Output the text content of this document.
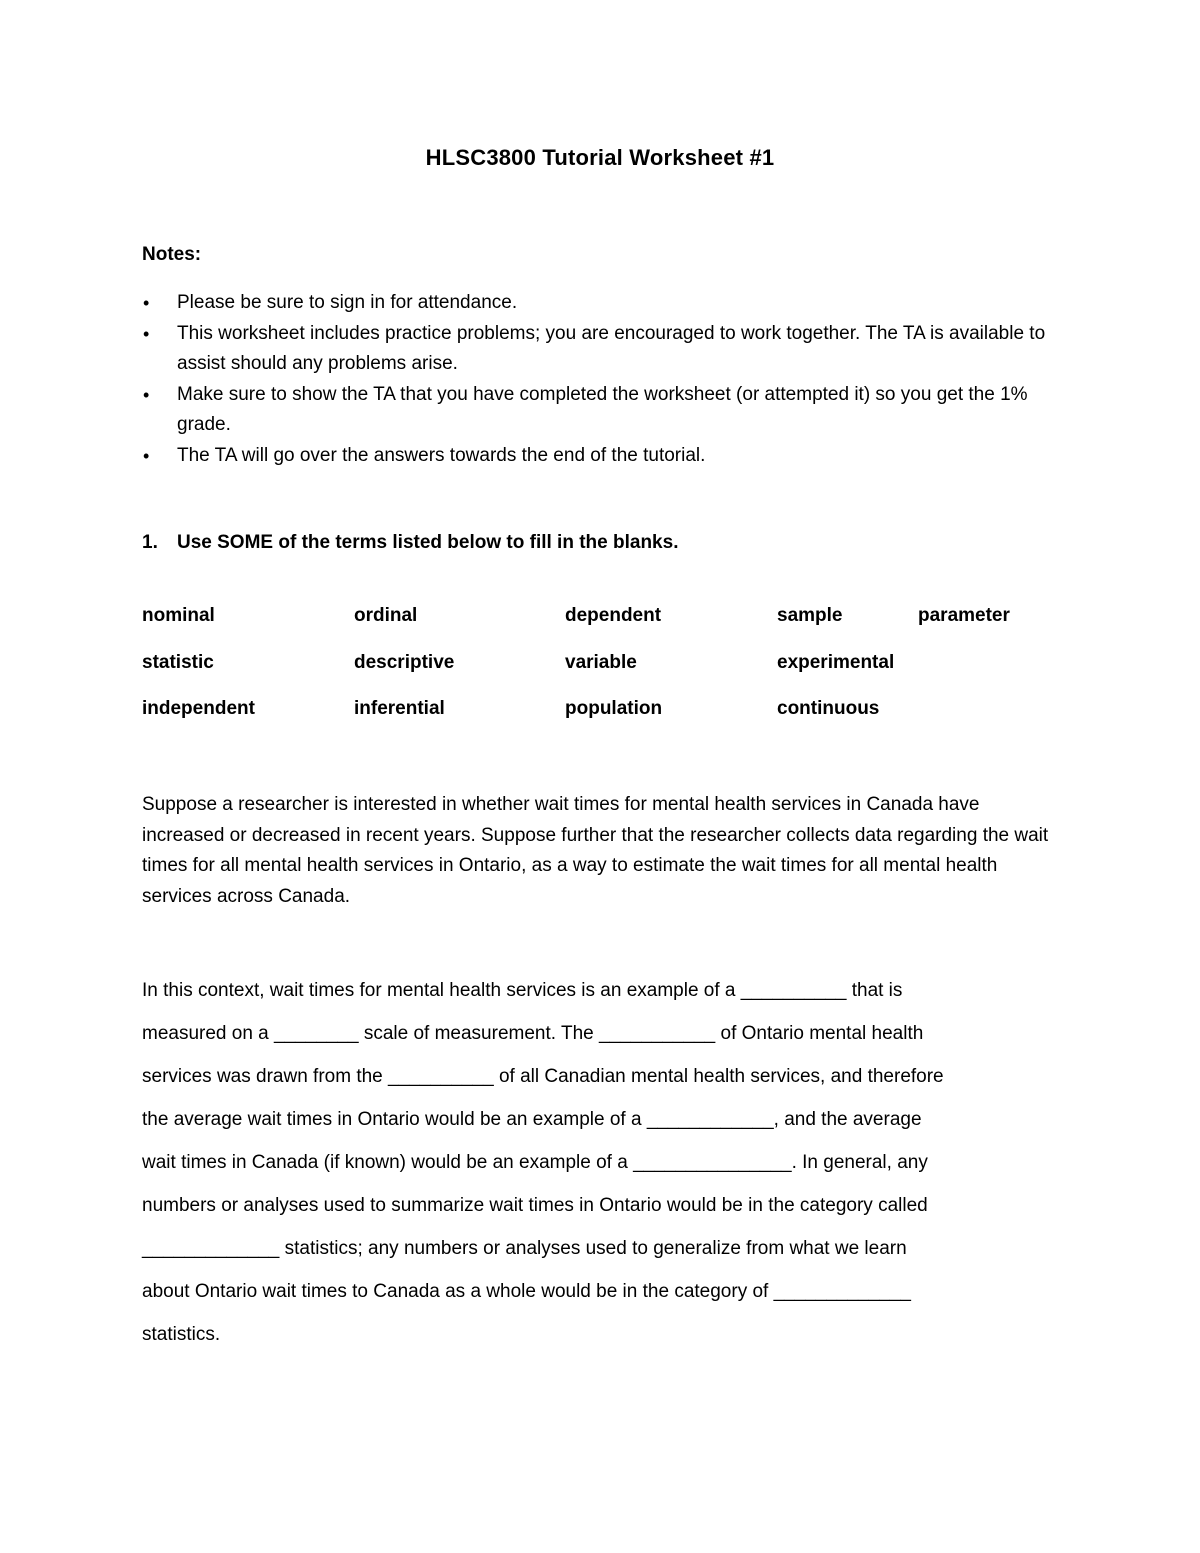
HLSC3800 Tutorial Worksheet #1
Notes:
• Please be sure to sign in for attendance.
• This worksheet includes practice problems; you are encouraged to work together. The TA is available to assist should any problems arise.
• Make sure to show the TA that you have completed the worksheet (or attempted it) so you get the 1% grade.
• The TA will go over the answers towards the end of the tutorial.
1. Use SOME of the terms listed below to fill in the blanks.
nominal	ordinal	dependent	sample	parameter
statistic	descriptive	variable	experimental
independent	inferential	population	continuous
Suppose a researcher is interested in whether wait times for mental health services in Canada have increased or decreased in recent years. Suppose further that the researcher collects data regarding the wait times for all mental health services in Ontario, as a way to estimate the wait times for all mental health services across Canada.
In this context, wait times for mental health services is an example of a __________ that is
measured on a ________ scale of measurement. The ___________ of Ontario mental health
services was drawn from the __________ of all Canadian mental health services, and therefore
the average wait times in Ontario would be an example of a ____________, and the average
wait times in Canada (if known) would be an example of a _______________. In general, any
numbers or analyses used to summarize wait times in Ontario would be in the category called
_____________ statistics; any numbers or analyses used to generalize from what we learn
about Ontario wait times to Canada as a whole would be in the category of _____________
statistics.
